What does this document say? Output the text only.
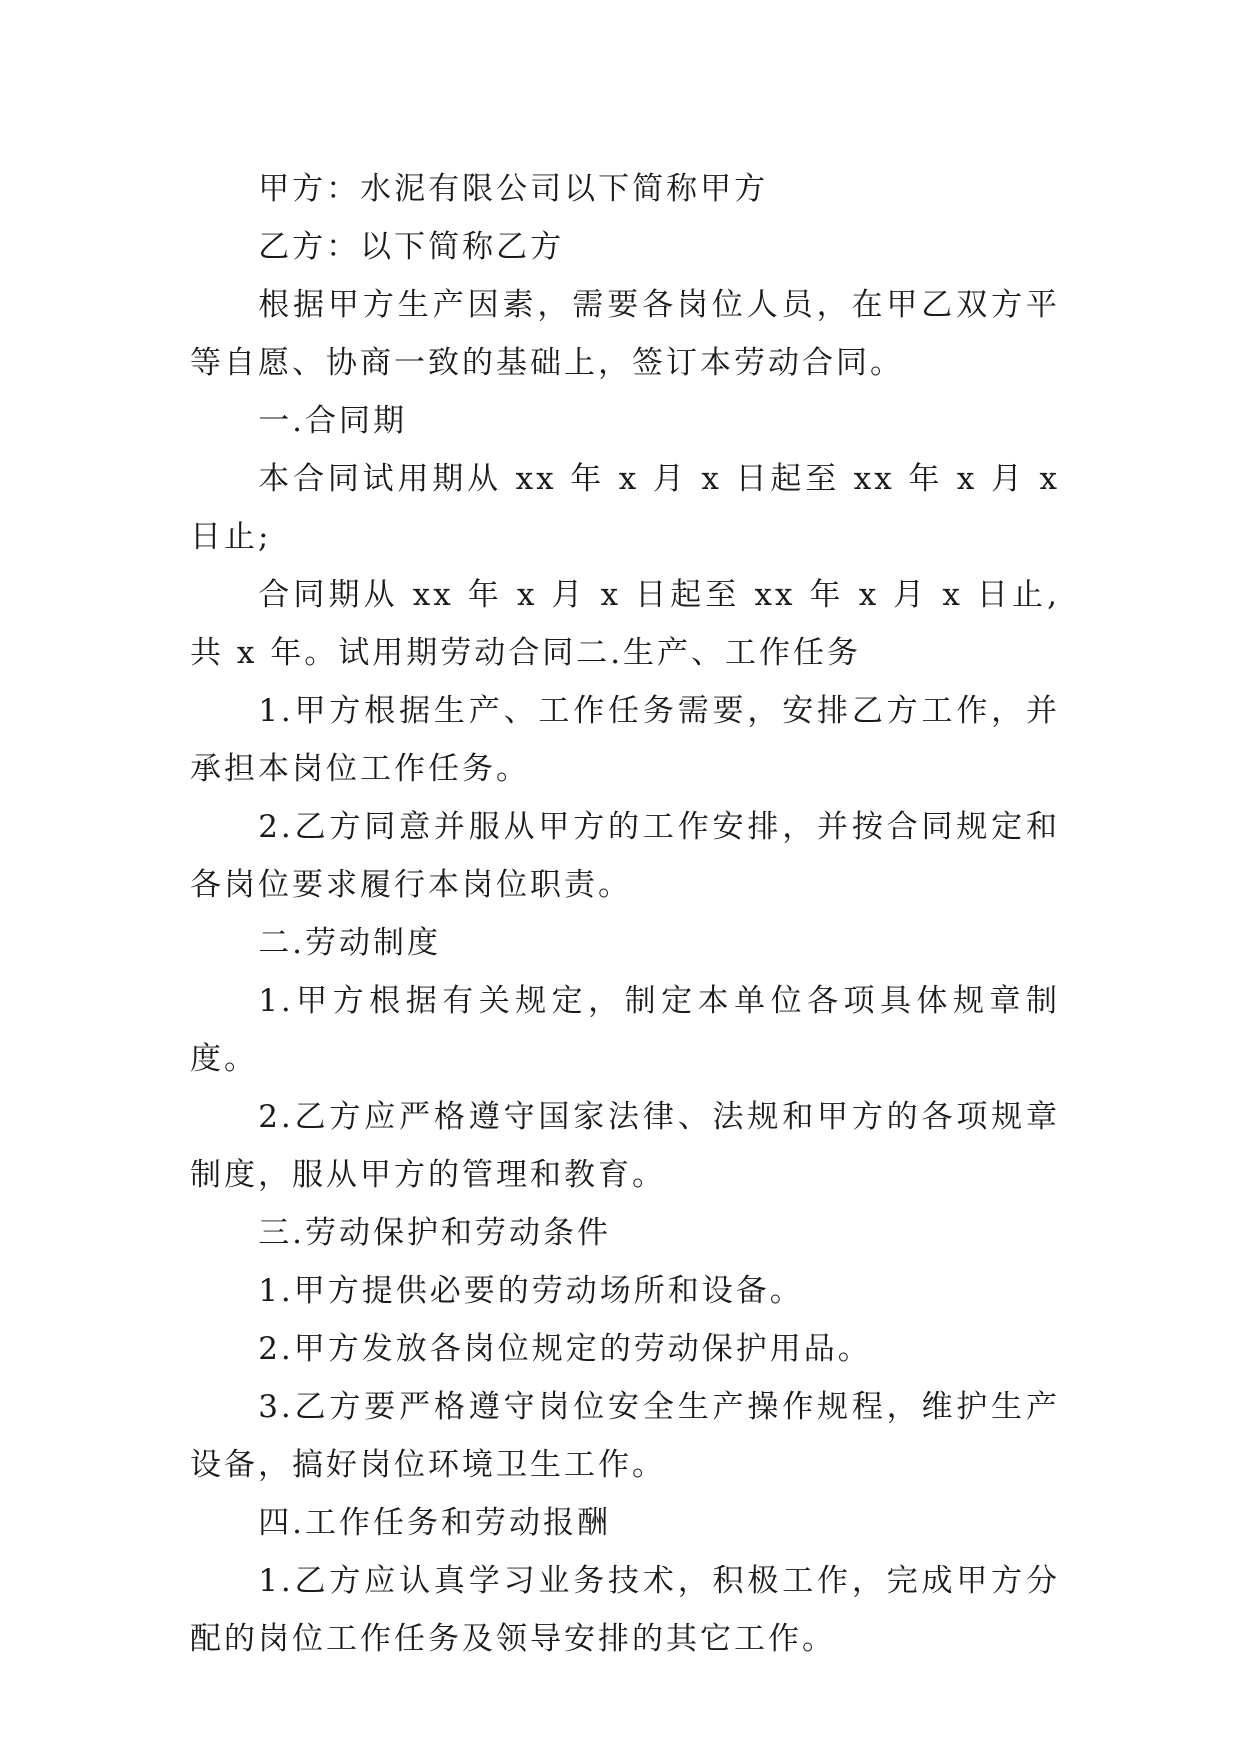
甲方：水泥有限公司以下简称甲方

乙方：以下简称乙方

根据甲方生产因素，需要各岗位人员，在甲乙双方平等自愿、协商一致的基础上，签订本劳动合同。

一.合同期

本合同试用期从 xx 年 x 月 x 日起至 xx 年 x 月 x 日止;

合同期从 xx 年 x 月 x 日起至 xx 年 x 月 x 日止,共 x 年。试用期劳动合同二.生产、工作任务

1.甲方根据生产、工作任务需要，安排乙方工作，并承担本岗位工作任务。

2.乙方同意并服从甲方的工作安排，并按合同规定和各岗位要求履行本岗位职责。

二.劳动制度

1.甲方根据有关规定，制定本单位各项具体规章制度。

2.乙方应严格遵守国家法律、法规和甲方的各项规章制度，服从甲方的管理和教育。

三.劳动保护和劳动条件

1.甲方提供必要的劳动场所和设备。

2.甲方发放各岗位规定的劳动保护用品。

3.乙方要严格遵守岗位安全生产操作规程，维护生产设备，搞好岗位环境卫生工作。

四.工作任务和劳动报酬

1.乙方应认真学习业务技术，积极工作，完成甲方分配的岗位工作任务及领导安排的其它工作。
